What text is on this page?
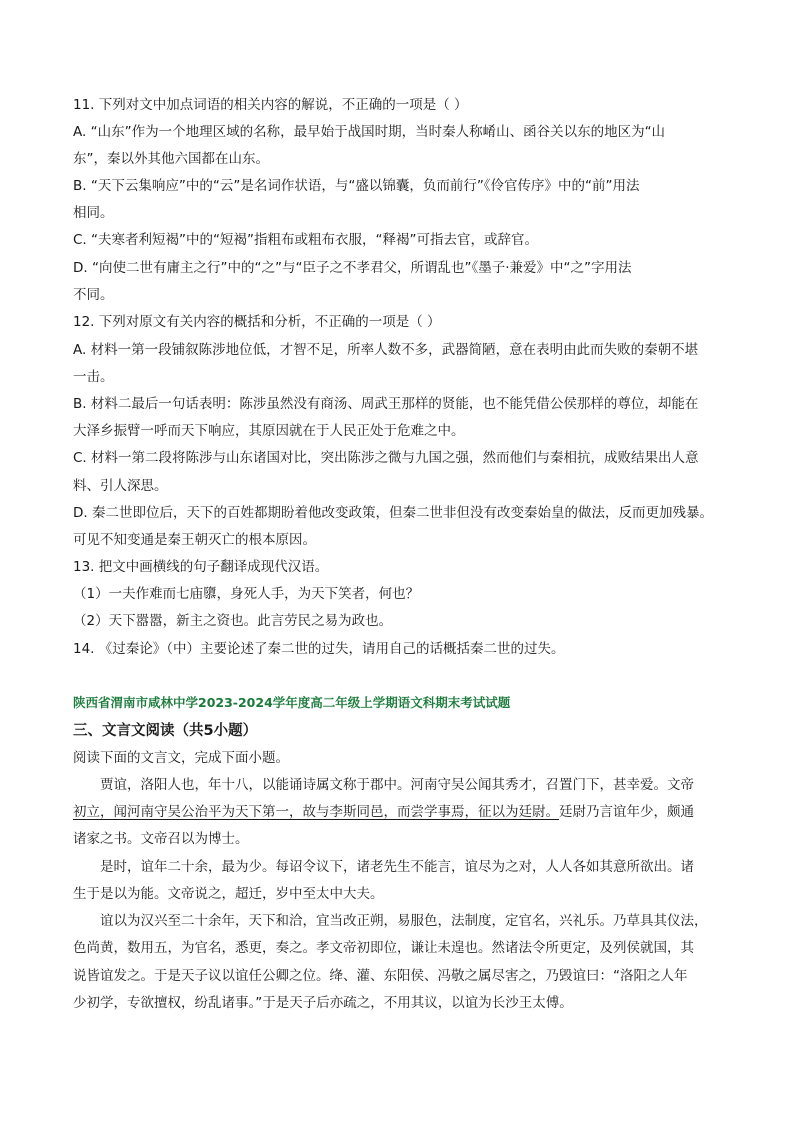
11. 下列对文中加点词语的相关内容的解说，不正确的一项是（ ）
A. “山东”作为一个地理区域的名称，最早始于战国时期，当时秦人称崤山、函谷关以东的地区为“山
东”，秦以外其他六国都在山东。
B. “天下云集响应”中的“云”是名词作状语，与“盛以锦囊，负而前行”《伶官传序》中的“前”用法
相同。
C. “夫寒者利短褐”中的“短褐”指粗布或粗布衣服，“释褐”可指去官，或辞官。
D. “向使二世有庸主之行”中的“之”与“臣子之不孝君父，所谓乱也”《墨子·兼爱》中“之”字用法
不同。
12. 下列对原文有关内容的概括和分析，不正确的一项是（ ）
A. 材料一第一段铺叙陈涉地位低，才智不足，所率人数不多，武器简陋，意在表明由此而失败的秦朝不堪
一击。
B. 材料二最后一句话表明：陈涉虽然没有商汤、周武王那样的贤能，也不能凭借公侯那样的尊位，却能在
大泽乡振臂一呼而天下响应，其原因就在于人民正处于危难之中。
C. 材料一第二段将陈涉与山东诸国对比，突出陈涉之微与九国之强，然而他们与秦相抗，成败结果出人意
料、引人深思。
D. 秦二世即位后，天下的百姓都期盼着他改变政策，但秦二世非但没有改变秦始皇的做法，反而更加残暴。
可见不知变通是秦王朝灭亡的根本原因。
13. 把文中画横线的句子翻译成现代汉语。
（1）一夫作难而七庙隳，身死人手，为天下笑者，何也？
（2）天下嚣嚣，新主之资也。此言劳民之易为政也。
14. 《过秦论》（中）主要论述了秦二世的过失，请用自己的话概括秦二世的过失。
陕西省渭南市咸林中学2023-2024学年度高二年级上学期语文科期末考试试题
三、文言文阅读（共5小题）
阅读下面的文言文，完成下面小题。
贾谊，洛阳人也，年十八，以能诵诗属文称于郡中。河南守吴公闻其秀才，召置门下，甚幸爱。文帝
初立，闻河南守吴公治平为天下第一，故与李斯同邑，而尝学事焉，征以为廷尉。廷尉乃言谊年少，颇通
诸家之书。文帝召以为博士。
是时，谊年二十余，最为少。每诏令议下，诸老先生不能言，谊尽为之对，人人各如其意所欲出。诸
生于是以为能。文帝说之，超迁，岁中至太中大夫。
谊以为汉兴至二十余年，天下和洽，宜当改正朔，易服色，法制度，定官名，兴礼乐。乃草具其仪法，
色尚黄，数用五，为官名，悉更，奏之。孝文帝初即位，谦让未遑也。然诸法令所更定，及列侯就国，其
说皆谊发之。于是天子议以谊任公卿之位。绛、灌、东阳侯、冯敬之属尽害之，乃毁谊曰：“洛阳之人年
少初学，专欲擅权，纷乱诸事。”于是天子后亦疏之，不用其议，以谊为长沙王太傅。
